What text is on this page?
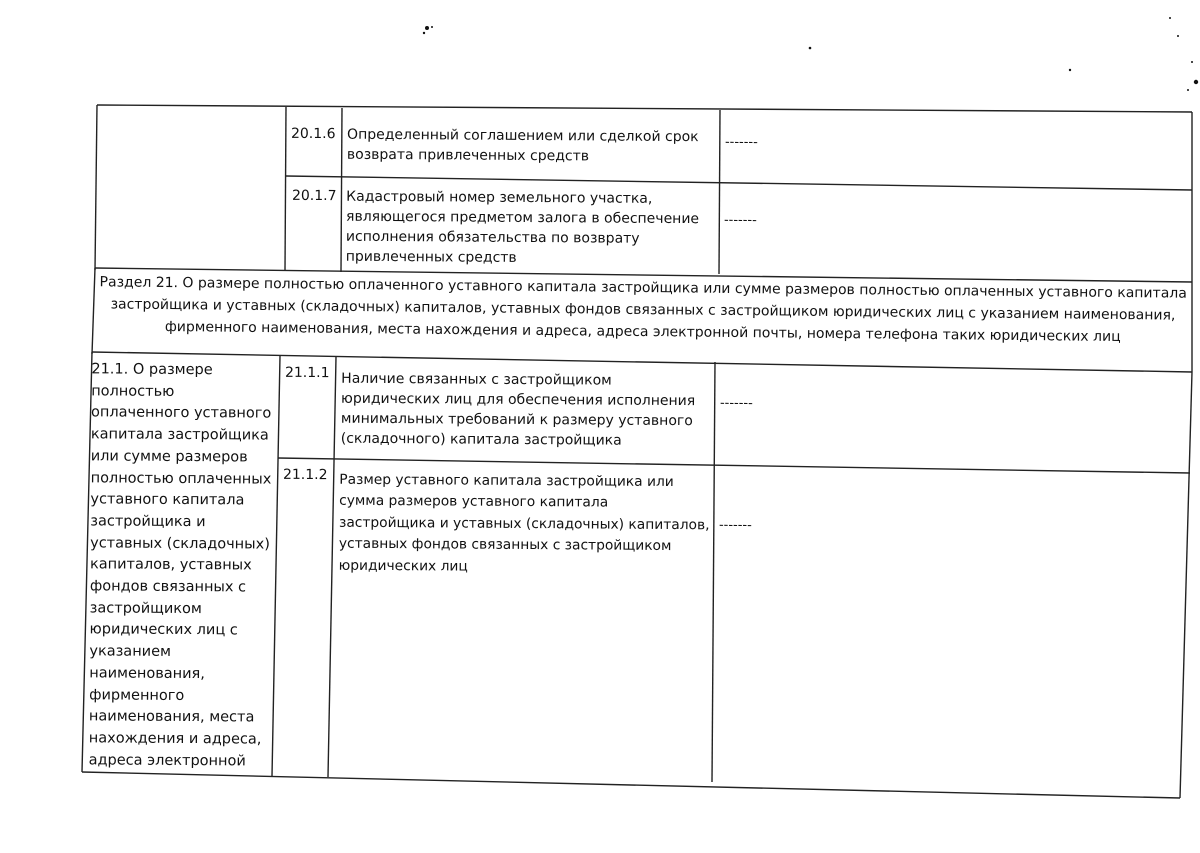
20.1.6 Определенный соглашением или сделкой срок
возврата привлеченных средств
-------
20.1.7 Кадастровый номер земельного участка,
являющегося предметом залога в обеспечение
исполнения обязательства по возврату
привлеченных средств
-------
Раздел 21. О размере полностью оплаченного уставного капитала застройщика или сумме размеров полностью оплаченных уставного капитала
застройщика и уставных (складочных) капиталов, уставных фондов связанных с застройщиком юридических лиц с указанием наименования,
фирменного наименования, места нахождения и адреса, адреса электронной почты, номера телефона таких юридических лиц
21.1. О размере
полностью
оплаченного уставного
капитала застройщика
или сумме размеров
полностью оплаченных
уставного капитала
застройщика и
уставных (складочных)
капиталов, уставных
фондов связанных с
застройщиком
юридических лиц с
указанием
наименования,
фирменного
наименования, места
нахождения и адреса,
адреса электронной
21.1.1 Наличие связанных с застройщиком
юридических лиц для обеспечения исполнения
минимальных требований к размеру уставного
(складочного) капитала застройщика
-------
21.1.2 Размер уставного капитала застройщика или
сумма размеров уставного капитала
застройщика и уставных (складочных) капиталов,
уставных фондов связанных с застройщиком
юридических лиц
-------
